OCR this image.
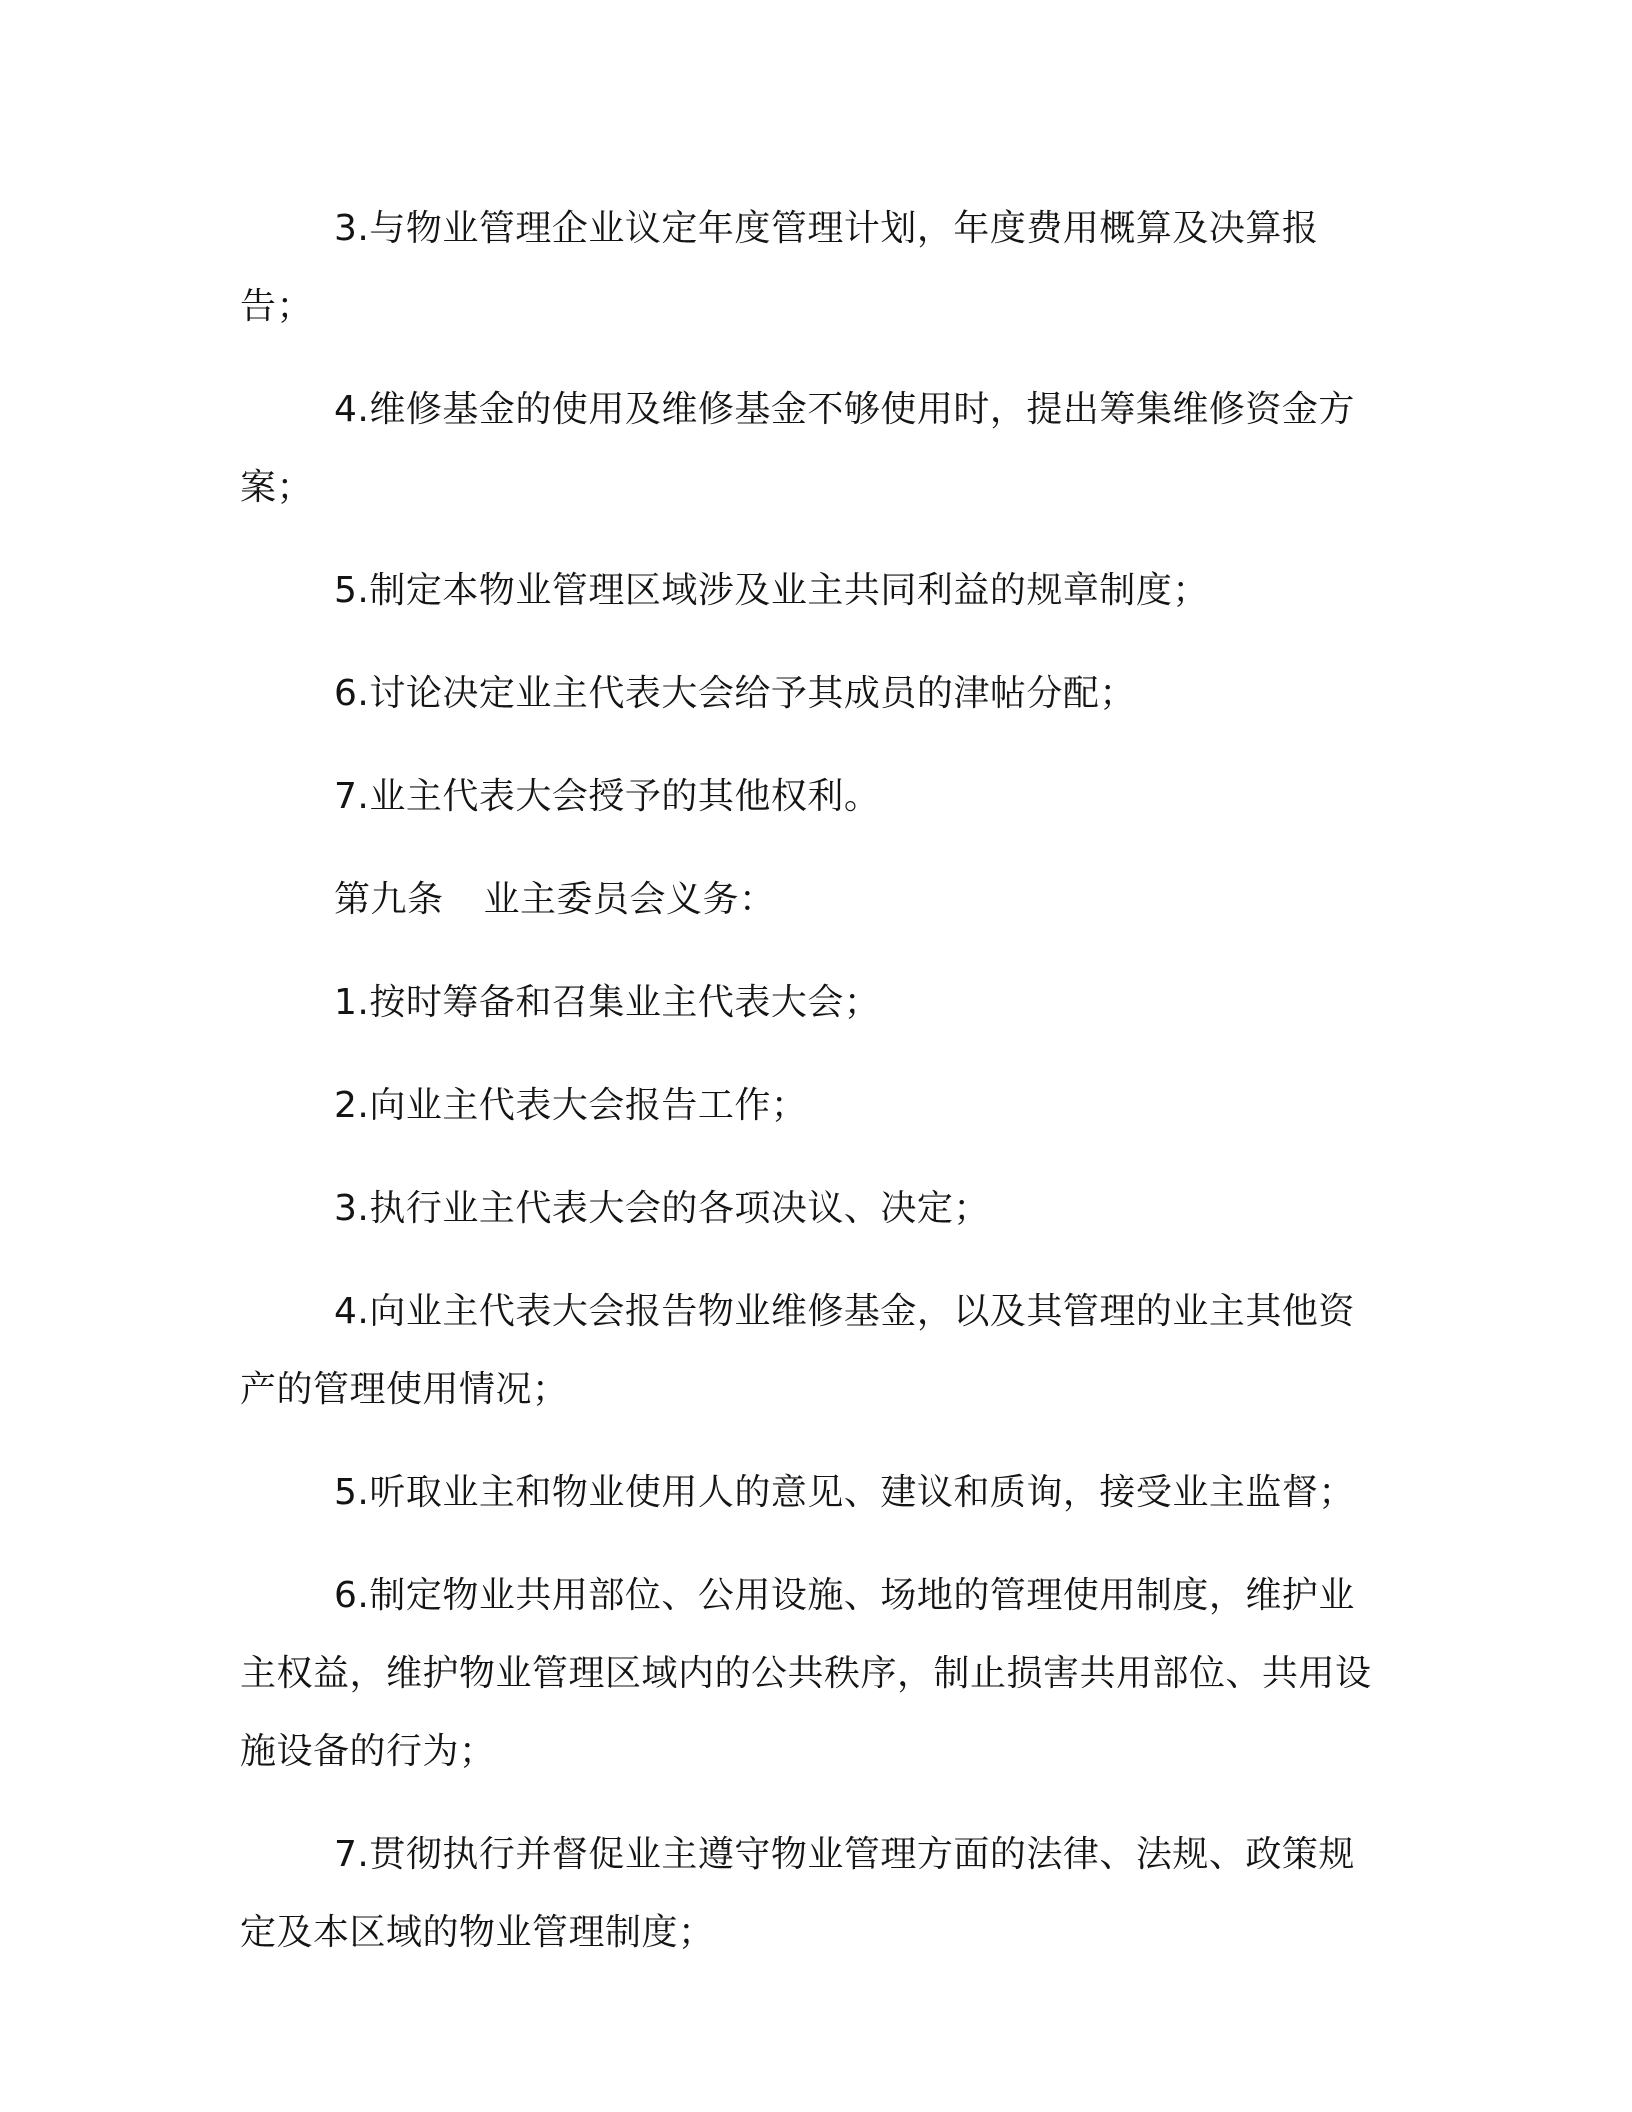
3.与物业管理企业议定年度管理计划，年度费用概算及决算报告；

4.维修基金的使用及维修基金不够使用时，提出筹集维修资金方案；

5.制定本物业管理区域涉及业主共同利益的规章制度；

6.讨论决定业主代表大会给予其成员的津帖分配；

7.业主代表大会授予的其他权利。

第九条 业主委员会义务：

1.按时筹备和召集业主代表大会；

2.向业主代表大会报告工作；

3.执行业主代表大会的各项决议、决定；

4.向业主代表大会报告物业维修基金，以及其管理的业主其他资产的管理使用情况；

5.听取业主和物业使用人的意见、建议和质询，接受业主监督；

6.制定物业共用部位、公用设施、场地的管理使用制度，维护业主权益，维护物业管理区域内的公共秩序，制止损害共用部位、共用设施设备的行为；

7.贯彻执行并督促业主遵守物业管理方面的法律、法规、政策规定及本区域的物业管理制度；
